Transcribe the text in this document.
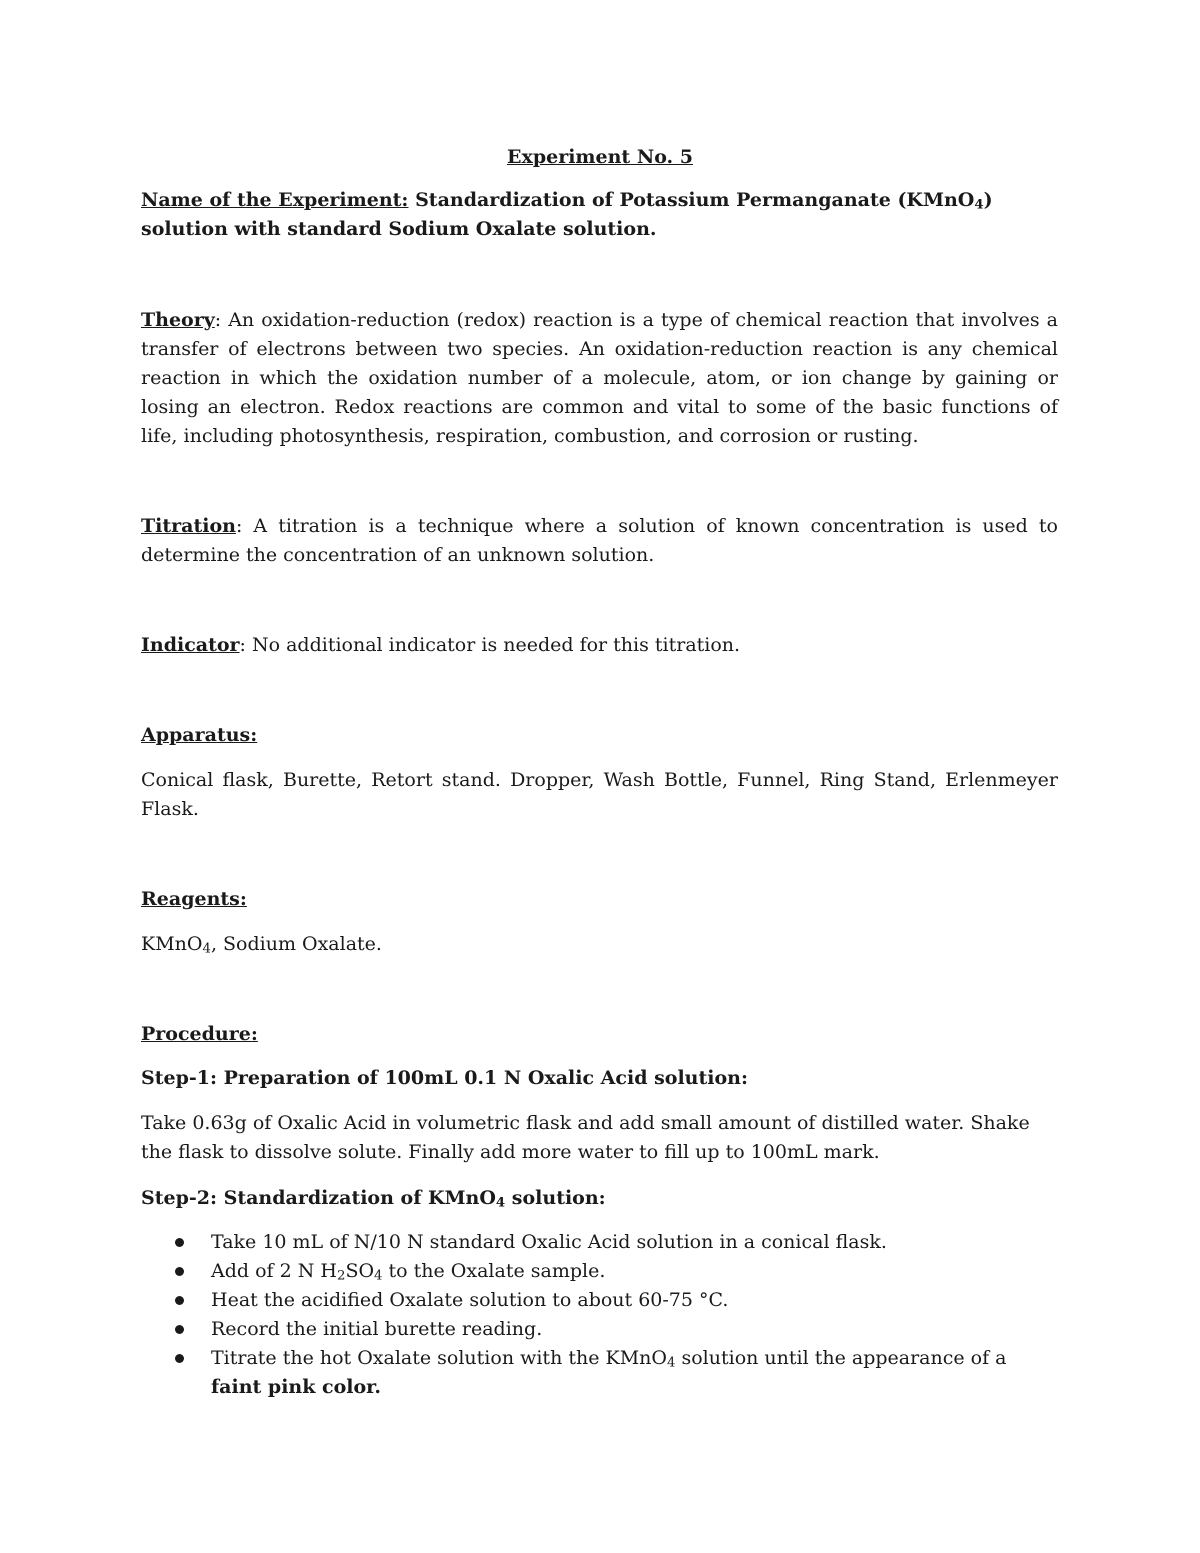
Experiment No. 5
Name of the Experiment: Standardization of Potassium Permanganate (KMnO$_4$) solution with standard Sodium Oxalate solution.
Theory: An oxidation-reduction (redox) reaction is a type of chemical reaction that involves a transfer of electrons between two species. An oxidation-reduction reaction is any chemical reaction in which the oxidation number of a molecule, atom, or ion change by gaining or losing an electron. Redox reactions are common and vital to some of the basic functions of life, including photosynthesis, respiration, combustion, and corrosion or rusting.
Titration: A titration is a technique where a solution of known concentration is used to determine the concentration of an unknown solution.
Indicator: No additional indicator is needed for this titration.
Apparatus:
Conical flask, Burette, Retort stand. Dropper, Wash Bottle, Funnel, Ring Stand, Erlenmeyer Flask.
Reagents:
KMnO$_4$, Sodium Oxalate.
Procedure:
Step-1: Preparation of 100mL 0.1 N Oxalic Acid solution:
Take 0.63g of Oxalic Acid in volumetric flask and add small amount of distilled water. Shake the flask to dissolve solute. Finally add more water to fill up to 100mL mark.
Step-2: Standardization of KMnO$_4$ solution:
Take 10 mL of N/10 N standard Oxalic Acid solution in a conical flask.
Add of 2 N $H_2SO_4$ to the Oxalate sample.
Heat the acidified Oxalate solution to about 60-75 °C.
Record the initial burette reading.
Titrate the hot Oxalate solution with the KMnO$_4$ solution until the appearance of a faint pink color.
